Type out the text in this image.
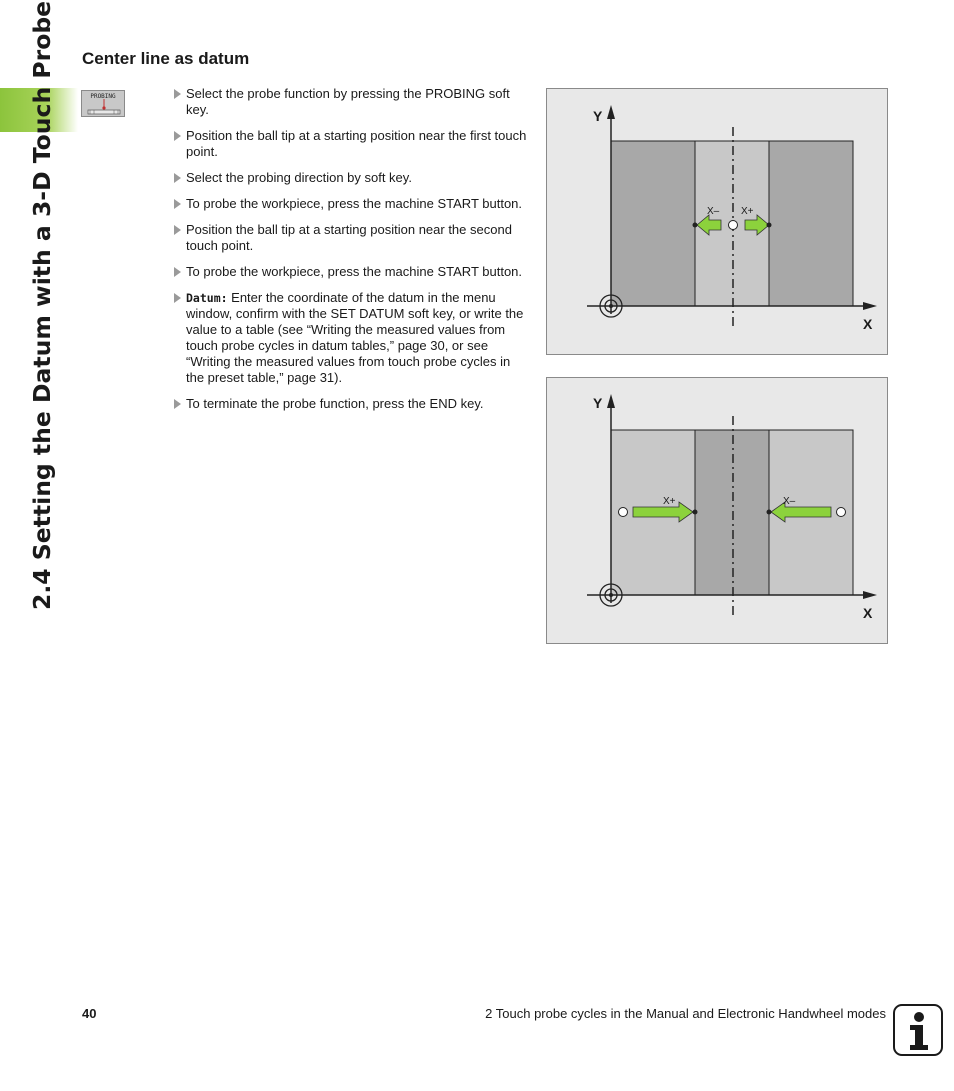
2.4 Setting the Datum with a 3-D Touch Probe	Center line as datum
PROBING	Select the probe function by pressing the PROBING soft key.
Position the ball tip at a starting position near the first touch point.
Select the probing direction by soft key.
To probe the workpiece, press the machine START button.
Position the ball tip at a starting position near the second touch point.
To probe the workpiece, press the machine START button.
Datum: Enter the coordinate of the datum in the menu window, confirm with the SET DATUM soft key, or write the value to a table (see “Writing the measured values from touch probe cycles in datum tables,” page 30, or see “Writing the measured values from touch probe cycles in the preset table,” page 31).
To terminate the probe function, press the END key.
Y
X
X– X+
Y
X
X+	X–
40	2 Touch probe cycles in the Manual and Electronic Handwheel modes
